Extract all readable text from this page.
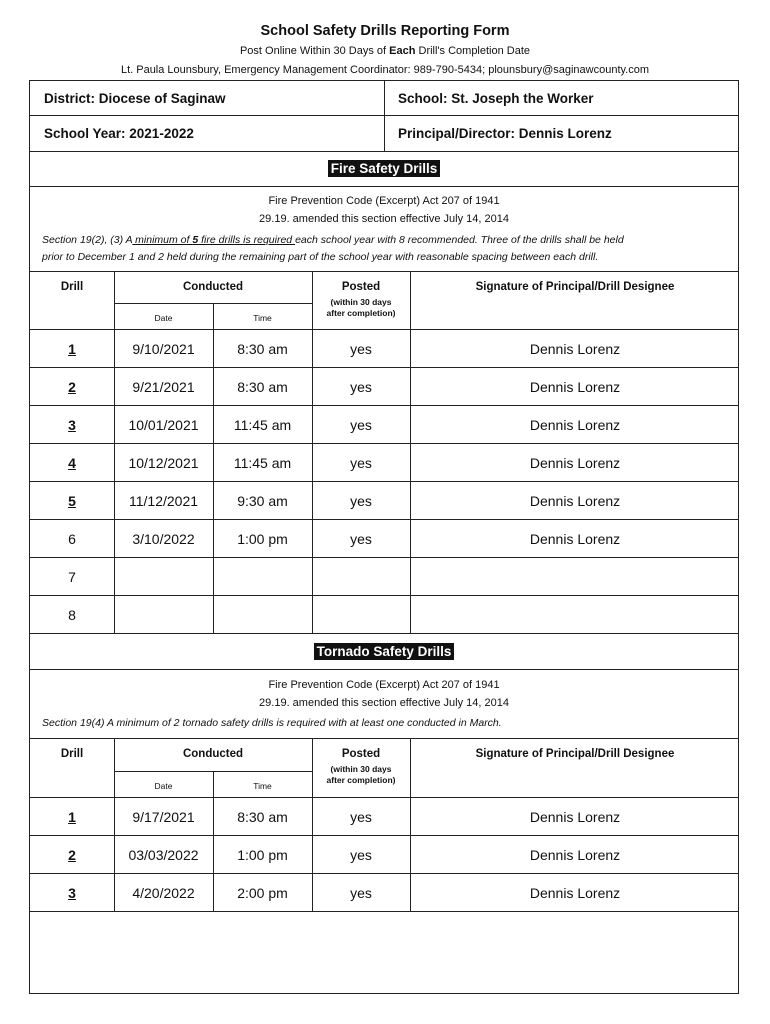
School Safety Drills Reporting Form
Post Online Within 30 Days of Each Drill's Completion Date
Lt. Paula Lounsbury, Emergency Management Coordinator: 989-790-5434; plounsbury@saginawcounty.com
District: Diocese of Saginaw	School: St. Joseph the Worker
School Year: 2021-2022	Principal/Director: Dennis Lorenz
Fire Safety Drills
Fire Prevention Code (Excerpt) Act 207 of 1941
29.19. amended this section effective July 14, 2014
Section 19(2), (3) A minimum of 5 fire drills is required each school year with 8 recommended. Three of the drills shall be held
prior to December 1 and 2 held during the remaining part of the school year with reasonable spacing between each drill.
Drill	Conducted
Date	Time
Posted
(within 30 days
after completion)
Signature of Principal/Drill Designee
1	9/10/2021	8:30 am	yes	Dennis Lorenz
2	9/21/2021	8:30 am	yes	Dennis Lorenz
3	10/01/2021	11:45 am	yes	Dennis Lorenz
4	10/12/2021	11:45 am	yes	Dennis Lorenz
5	11/12/2021	9:30 am	yes	Dennis Lorenz
6	3/10/2022	1:00 pm	yes	Dennis Lorenz
7
8
Tornado Safety Drills
Fire Prevention Code (Excerpt) Act 207 of 1941
29.19. amended this section effective July 14, 2014
Section 19(4) A minimum of 2 tornado safety drills is required with at least one conducted in March.
Drill	Conducted
Date	Time
Posted
(within 30 days
after completion)
Signature of Principal/Drill Designee
1	9/17/2021	8:30 am	yes	Dennis Lorenz
2	03/03/2022	1:00 pm	yes	Dennis Lorenz
3	4/20/2022	2:00 pm	yes	Dennis Lorenz
